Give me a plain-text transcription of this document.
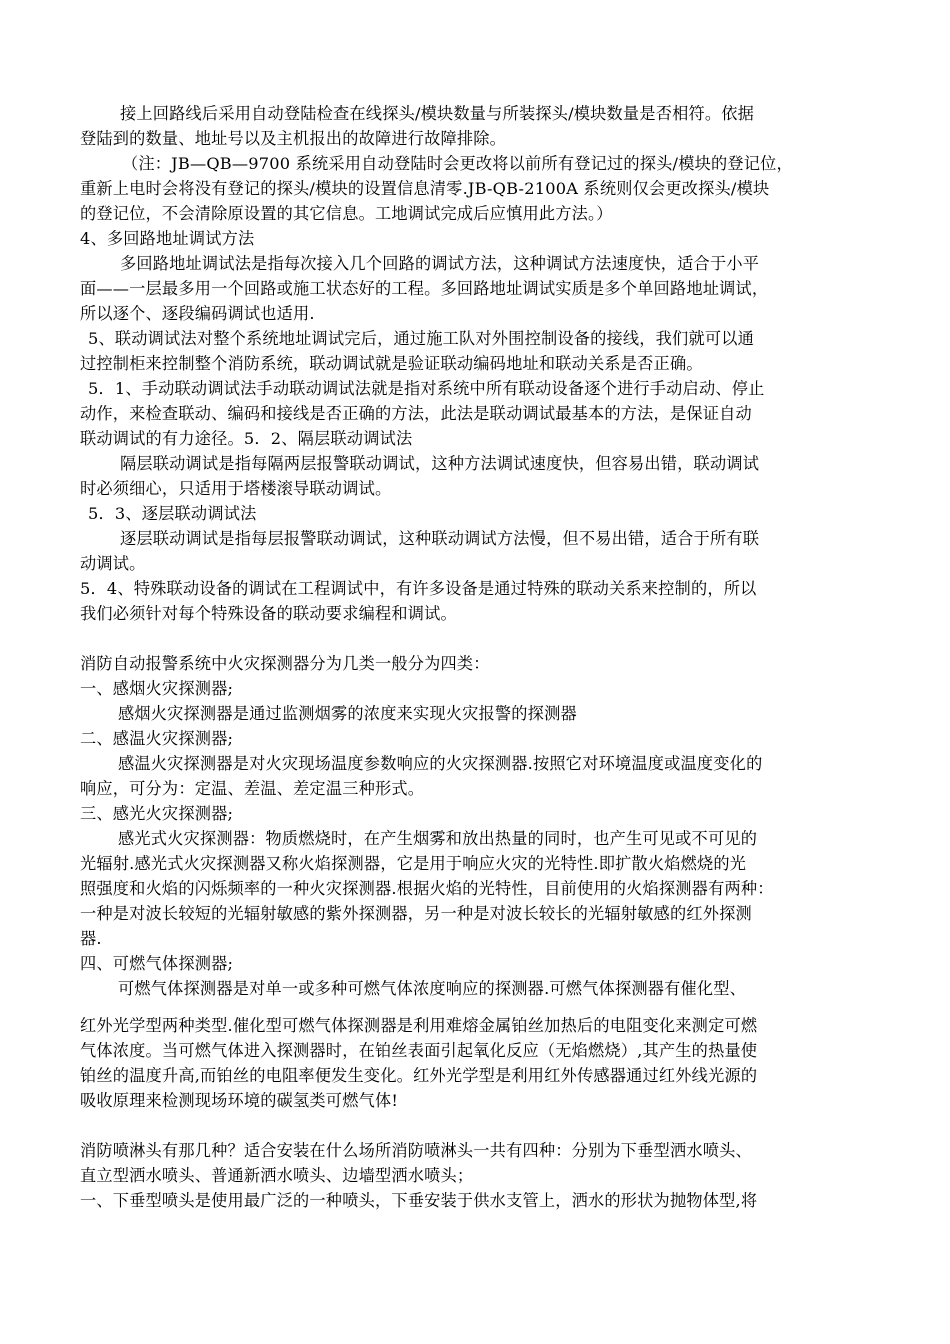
接上回路线后采用自动登陆检查在线探头/模块数量与所装探头/模块数量是否相符。依据
登陆到的数量、地址号以及主机报出的故障进行故障排除。
（注：JB—QB—9700 系统采用自动登陆时会更改将以前所有登记过的探头/模块的登记位，
重新上电时会将没有登记的探头/模块的设置信息清零.JB-QB-2100A 系统则仅会更改探头/模块
的登记位，不会清除原设置的其它信息。工地调试完成后应慎用此方法。）
4、多回路地址调试方法
多回路地址调试法是指每次接入几个回路的调试方法，这种调试方法速度快，适合于小平
面——一层最多用一个回路或施工状态好的工程。多回路地址调试实质是多个单回路地址调试，
所以逐个、逐段编码调试也适用.
5、联动调试法对整个系统地址调试完后，通过施工队对外围控制设备的接线，我们就可以通
过控制柜来控制整个消防系统，联动调试就是验证联动编码地址和联动关系是否正确。
5．1、手动联动调试法手动联动调试法就是指对系统中所有联动设备逐个进行手动启动、停止
动作，来检查联动、编码和接线是否正确的方法，此法是联动调试最基本的方法，是保证自动
联动调试的有力途径。5．2、隔层联动调试法
隔层联动调试是指每隔两层报警联动调试，这种方法调试速度快，但容易出错，联动调试
时必须细心，只适用于塔楼滚导联动调试。
5．3、逐层联动调试法
逐层联动调试是指每层报警联动调试，这种联动调试方法慢，但不易出错，适合于所有联
动调试。
5．4、特殊联动设备的调试在工程调试中，有许多设备是通过特殊的联动关系来控制的，所以
我们必须针对每个特殊设备的联动要求编程和调试。
消防自动报警系统中火灾探测器分为几类一般分为四类：
一、感烟火灾探测器;
感烟火灾探测器是通过监测烟雾的浓度来实现火灾报警的探测器
二、感温火灾探测器;
感温火灾探测器是对火灾现场温度参数响应的火灾探测器.按照它对环境温度或温度变化的
响应，可分为：定温、差温、差定温三种形式。
三、感光火灾探测器;
感光式火灾探测器：物质燃烧时，在产生烟雾和放出热量的同时，也产生可见或不可见的
光辐射.感光式火灾探测器又称火焰探测器，它是用于响应火灾的光特性.即扩散火焰燃烧的光
照强度和火焰的闪烁频率的一种火灾探测器.根据火焰的光特性，目前使用的火焰探测器有两种：
一种是对波长较短的光辐射敏感的紫外探测器，另一种是对波长较长的光辐射敏感的红外探测
器.
四、可燃气体探测器;
可燃气体探测器是对单一或多种可燃气体浓度响应的探测器.可燃气体探测器有催化型、
红外光学型两种类型.催化型可燃气体探测器是利用难熔金属铂丝加热后的电阻变化来测定可燃
气体浓度。当可燃气体进入探测器时，在铂丝表面引起氧化反应（无焰燃烧）,其产生的热量使
铂丝的温度升高,而铂丝的电阻率便发生变化。红外光学型是利用红外传感器通过红外线光源的
吸收原理来检测现场环境的碳氢类可燃气体!
消防喷淋头有那几种？适合安装在什么场所消防喷淋头一共有四种：分别为下垂型洒水喷头、
直立型洒水喷头、普通新洒水喷头、边墙型洒水喷头；
一、下垂型喷头是使用最广泛的一种喷头，下垂安装于供水支管上，洒水的形状为抛物体型,将
